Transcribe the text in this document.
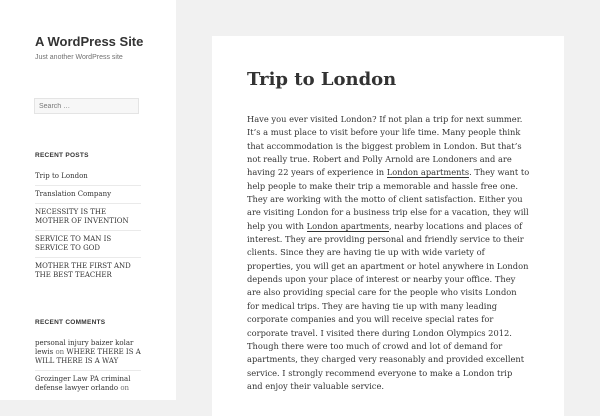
A WordPress Site
Just another WordPress site
Search …
RECENT POSTS
Trip to London
Translation Company
NECESSITY IS THE MOTHER OF INVENTION
SERVICE TO MAN IS SERVICE TO GOD
MOTHER THE FIRST AND THE BEST TEACHER
RECENT COMMENTS
personal injury baizer kolar lewis on WHERE THERE IS A WILL THERE IS A WAY
Grozinger Law PA criminal defense lawyer orlando on
Trip to London

Have you ever visited London? If not plan a trip for next summer. It’s a must place to visit before your life time. Many people think that accommodation is the biggest problem in London. But that’s not really true. Robert and Polly Arnold are Londoners and are having 22 years of experience in London apartments. They want to help people to make their trip a memorable and hassle free one. They are working with the motto of client satisfaction. Either you are visiting London for a business trip else for a vacation, they will help you with London apartments, nearby locations and places of interest. They are providing personal and friendly service to their clients. Since they are having tie up with wide variety of properties, you will get an apartment or hotel anywhere in London depends upon your place of interest or nearby your office. They are also providing special care for the people who visits London for medical trips. They are having tie up with many leading corporate companies and you will receive special rates for corporate travel. I visited there during London Olympics 2012. Though there were too much of crowd and lot of demand for apartments, they charged very reasonably and provided excellent service. I strongly recommend everyone to make a London trip and enjoy their valuable service.
